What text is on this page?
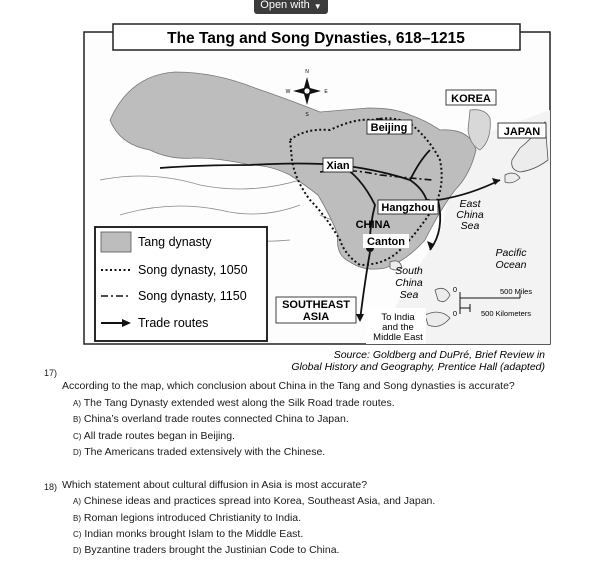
Open with ▼
The Tang and Song Dynasties, 618–1215
N
S
E
W
Beijing
Xian
Hangzhou
CHINA
Canton
KOREA
JAPAN
SOUTHEAST
ASIA
East
China
Sea
Pacific
Ocean
South
China
Sea
To India
and the
Middle East
0
0
500 Miles
500 Kilometers
Tang dynasty
Song dynasty, 1050
Song dynasty, 1150
Trade routes
Source: Goldberg and DuPré, Brief Review in
Global History and Geography, Prentice Hall (adapted)
17)
According to the map, which conclusion about China in the Tang and Song dynasties is accurate?
A) The Tang Dynasty extended west along the Silk Road trade routes.
B) China’s overland trade routes connected China to Japan.
C) All trade routes began in Beijing.
D) The Americans traded extensively with the Chinese.
18) Which statement about cultural diffusion in Asia is most accurate?
A) Chinese ideas and practices spread into Korea, Southeast Asia, and Japan.
B) Roman legions introduced Christianity to India.
C) Indian monks brought Islam to the Middle East.
D) Byzantine traders brought the Justinian Code to China.
